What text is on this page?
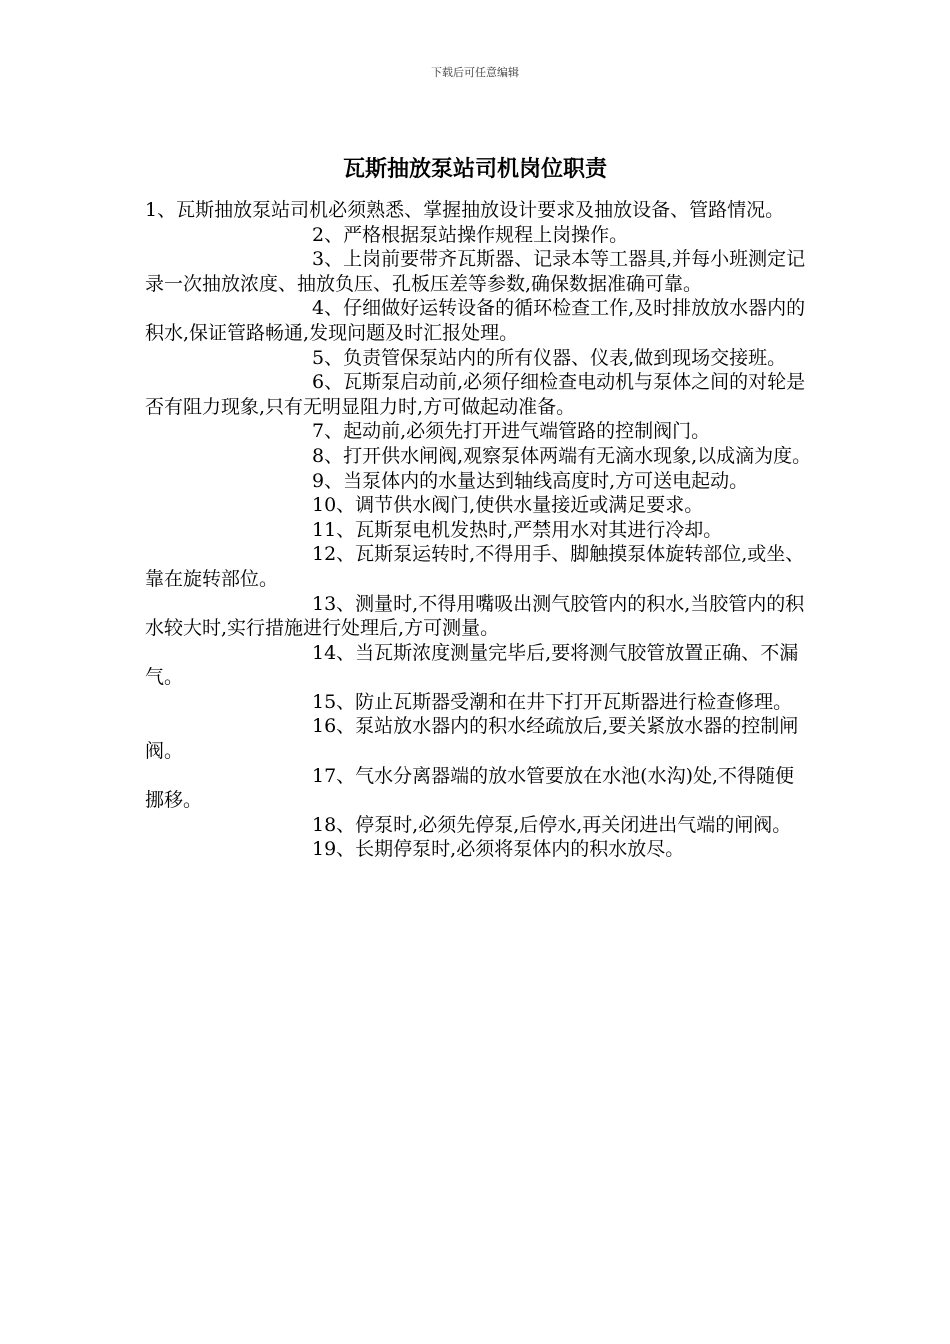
下载后可任意编辑
瓦斯抽放泵站司机岗位职责

1、瓦斯抽放泵站司机必须熟悉、掌握抽放设计要求及抽放设备、管路情况。

2、严格根据泵站操作规程上岗操作。

3、上岗前要带齐瓦斯器、记录本等工器具,并每小班测定记录一次抽放浓度、抽放负压、孔板压差等参数,确保数据准确可靠。

4、仔细做好运转设备的循环检查工作,及时排放放水器内的积水,保证管路畅通,发现问题及时汇报处理。

5、负责管保泵站内的所有仪器、仪表,做到现场交接班。

6、瓦斯泵启动前,必须仔细检查电动机与泵体之间的对轮是否有阻力现象,只有无明显阻力时,方可做起动准备。

7、起动前,必须先打开进气端管路的控制阀门。

8、打开供水闸阀,观察泵体两端有无滴水现象,以成滴为度。

9、当泵体内的水量达到轴线高度时,方可送电起动。

10、调节供水阀门,使供水量接近或满足要求。

11、瓦斯泵电机发热时,严禁用水对其进行冷却。

12、瓦斯泵运转时,不得用手、脚触摸泵体旋转部位,或坐、靠在旋转部位。

13、测量时,不得用嘴吸出测气胶管内的积水,当胶管内的积水较大时,实行措施进行处理后,方可测量。

14、当瓦斯浓度测量完毕后,要将测气胶管放置正确、不漏气。

15、防止瓦斯器受潮和在井下打开瓦斯器进行检查修理。

16、泵站放水器内的积水经疏放后,要关紧放水器的控制闸阀。

17、气水分离器端的放水管要放在水池(水沟)处,不得随便挪移。

18、停泵时,必须先停泵,后停水,再关闭进出气端的闸阀。

19、长期停泵时,必须将泵体内的积水放尽。
